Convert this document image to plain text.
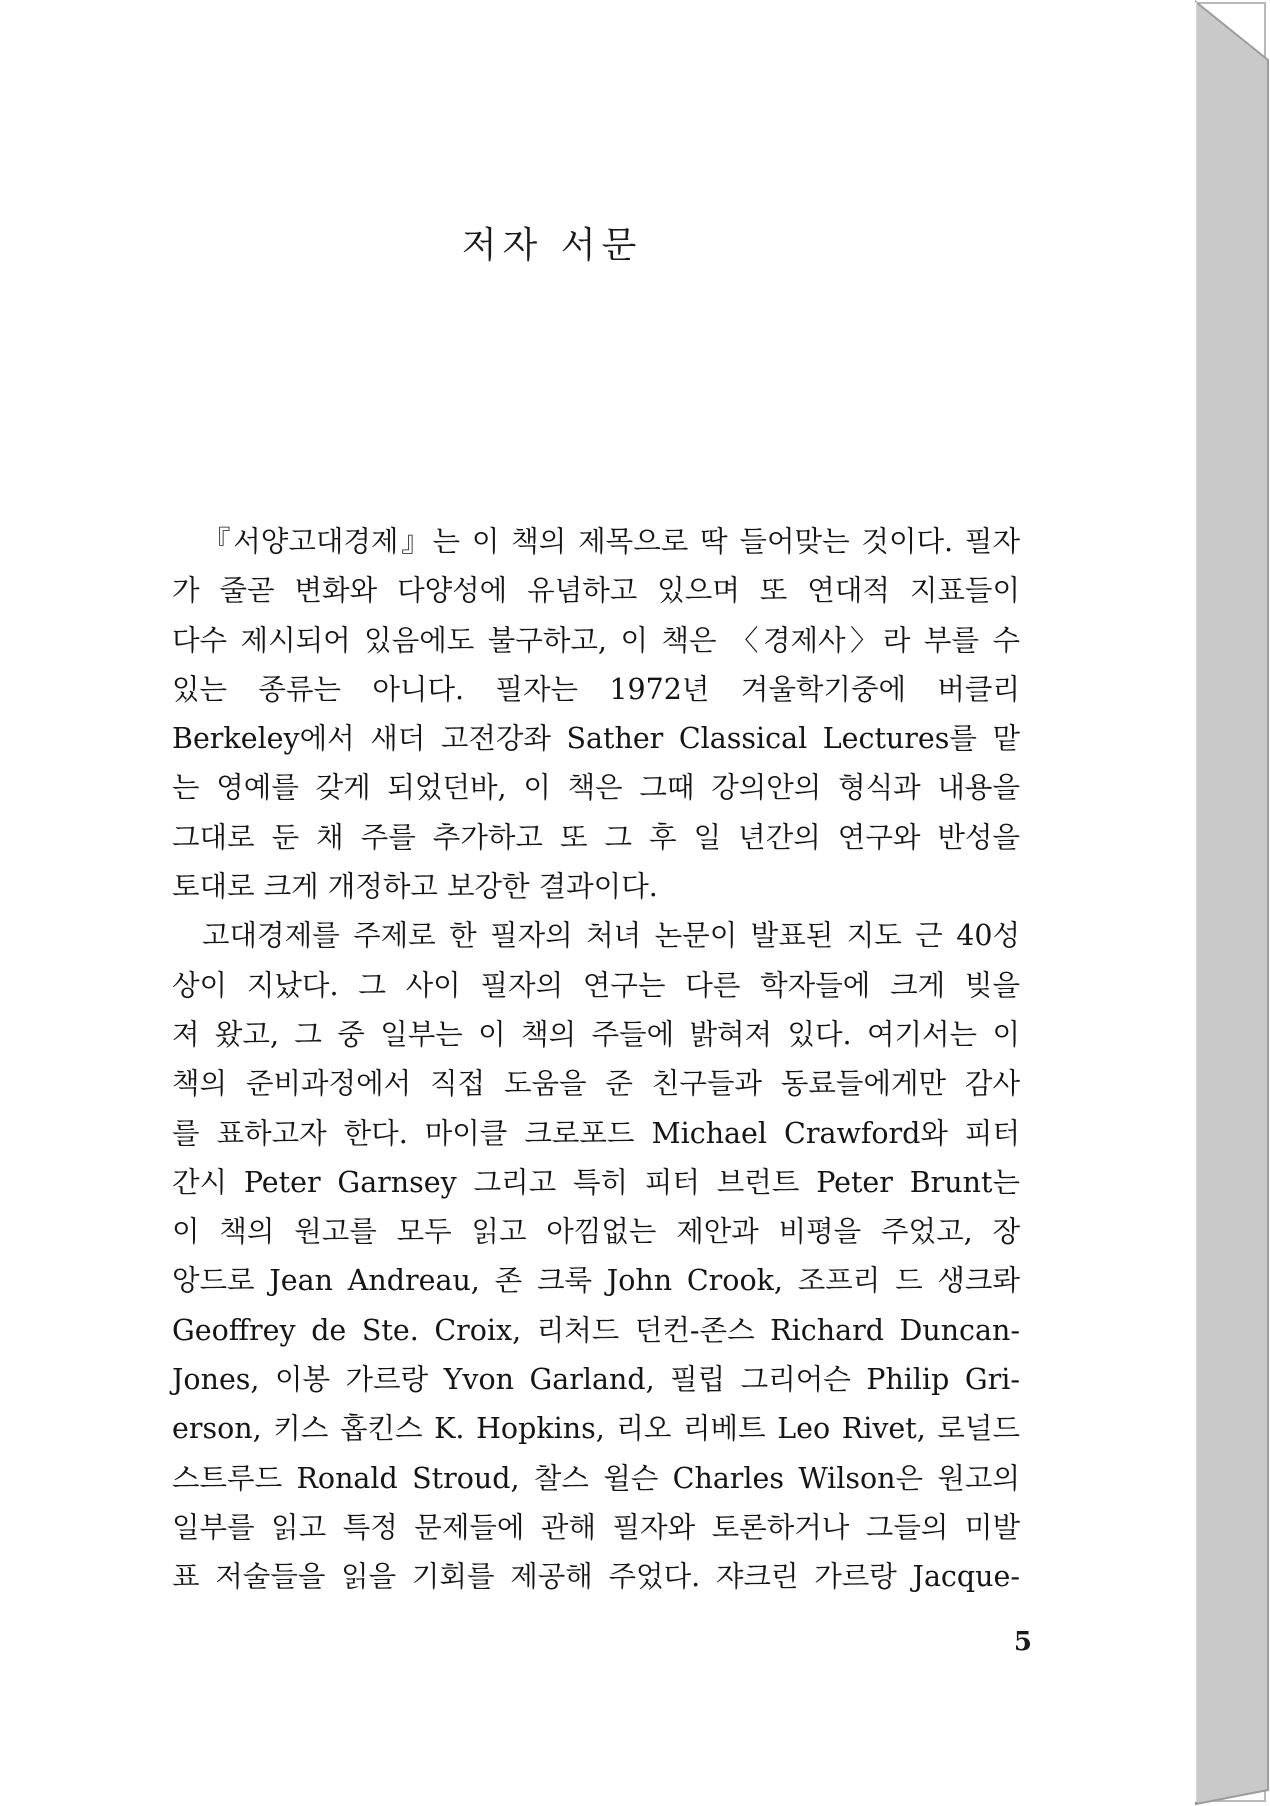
저자 서문
『서양고대경제』는 이 책의 제목으로 딱 들어맞는 것이다. 필자
가 줄곧 변화와 다양성에 유념하고 있으며 또 연대적 지표들이
다수 제시되어 있음에도 불구하고, 이 책은 〈경제사〉라 부를 수
있는 종류는 아니다. 필자는 1972년 겨울학기중에 버클리
Berkeley에서 새더 고전강좌 Sather Classical Lectures를 맡
는 영예를 갖게 되었던바, 이 책은 그때 강의안의 형식과 내용을
그대로 둔 채 주를 추가하고 또 그 후 일 년간의 연구와 반성을
토대로 크게 개정하고 보강한 결과이다.
고대경제를 주제로 한 필자의 처녀 논문이 발표된 지도 근 40성
상이 지났다. 그 사이 필자의 연구는 다른 학자들에 크게 빚을
져 왔고, 그 중 일부는 이 책의 주들에 밝혀져 있다. 여기서는 이
책의 준비과정에서 직접 도움을 준 친구들과 동료들에게만 감사
를 표하고자 한다. 마이클 크로포드 Michael Crawford와 피터
간시 Peter Garnsey 그리고 특히 피터 브런트 Peter Brunt는
이 책의 원고를 모두 읽고 아낌없는 제안과 비평을 주었고, 장
앙드로 Jean Andreau, 존 크룩 John Crook, 조프리 드 생크롸
Geoffrey de Ste. Croix, 리처드 던컨-존스 Richard Duncan-
Jones, 이봉 가르랑 Yvon Garland, 필립 그리어슨 Philip Gri-
erson, 키스 홉킨스 K. Hopkins, 리오 리베트 Leo Rivet, 로널드
스트루드 Ronald Stroud, 찰스 윌슨 Charles Wilson은 원고의
일부를 읽고 특정 문제들에 관해 필자와 토론하거나 그들의 미발
표 저술들을 읽을 기회를 제공해 주었다. 쟈크린 가르랑 Jacque-
5
